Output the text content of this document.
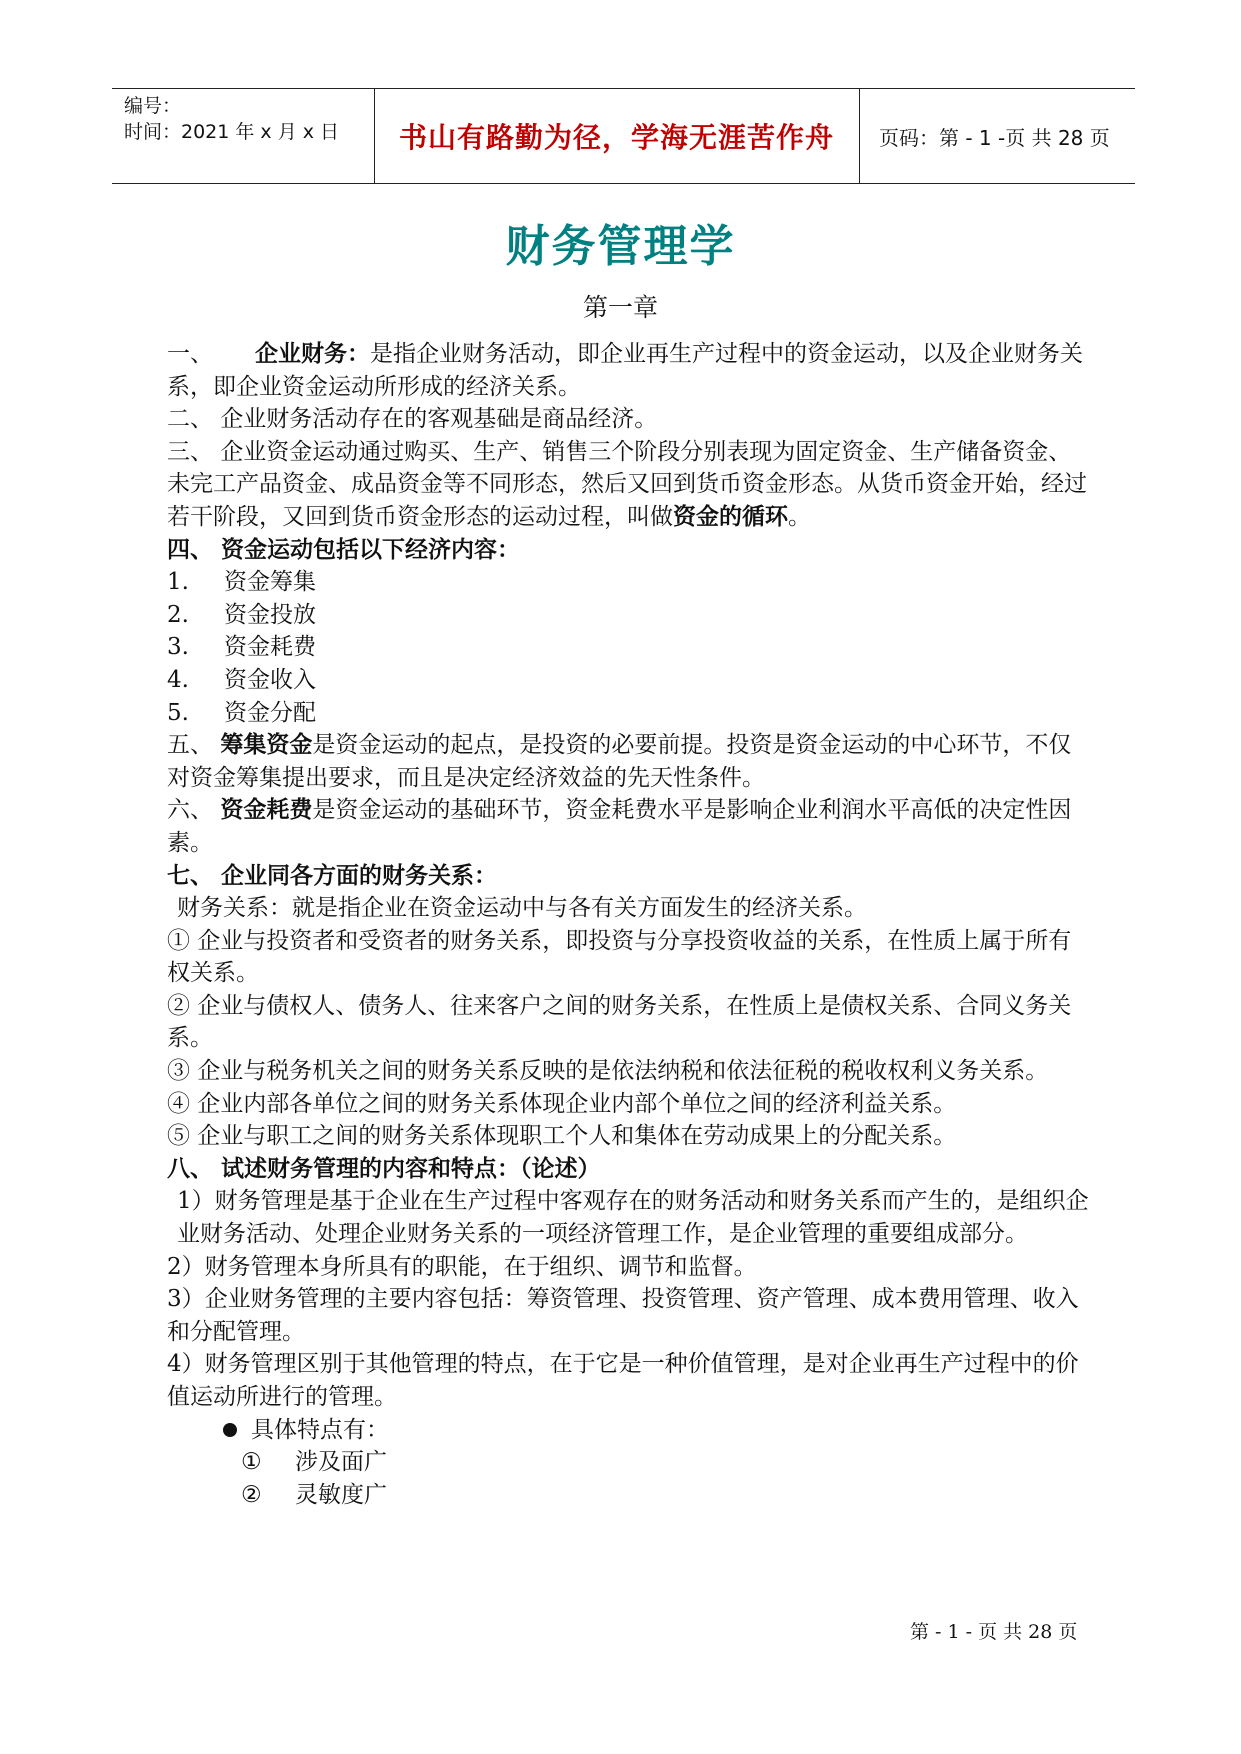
编号：
时间：2021 年 x 月 x 日	书山有路勤为径，学海无涯苦作舟	页码：第 - 1 -页 共 28 页
财务管理学
第一章

一、 企业财务：是指企业财务活动，即企业再生产过程中的资金运动，以及企业财务关系，即企业资金运动所形成的经济关系。

二、 企业财务活动存在的客观基础是商品经济。

三、 企业资金运动通过购买、生产、销售三个阶段分别表现为固定资金、生产储备资金、未完工产品资金、成品资金等不同形态，然后又回到货币资金形态。从货币资金开始，经过若干阶段，又回到货币资金形态的运动过程，叫做资金的循环。

四、 资金运动包括以下经济内容：

1.	资金筹集
2.	资金投放
3.	资金耗费
4.	资金收入
5.	资金分配

五、 筹集资金是资金运动的起点，是投资的必要前提。投资是资金运动的中心环节，不仅对资金筹集提出要求，而且是决定经济效益的先天性条件。

六、 资金耗费是资金运动的基础环节，资金耗费水平是影响企业利润水平高低的决定性因素。

七、 企业同各方面的财务关系：

财务关系：就是指企业在资金运动中与各有关方面发生的经济关系。

① 企业与投资者和受资者的财务关系，即投资与分享投资收益的关系，在性质上属于所有权关系。

② 企业与债权人、债务人、往来客户之间的财务关系，在性质上是债权关系、合同义务关系。

③ 企业与税务机关之间的财务关系反映的是依法纳税和依法征税的税收权利义务关系。

④ 企业内部各单位之间的财务关系体现企业内部个单位之间的经济利益关系。

⑤ 企业与职工之间的财务关系体现职工个人和集体在劳动成果上的分配关系。

八、 试述财务管理的内容和特点：（论述）

1）财务管理是基于企业在生产过程中客观存在的财务活动和财务关系而产生的，是组织企业财务活动、处理企业财务关系的一项经济管理工作，是企业管理的重要组成部分。

2）财务管理本身所具有的职能，在于组织、调节和监督。

3）企业财务管理的主要内容包括：筹资管理、投资管理、资产管理、成本费用管理、收入和分配管理。

4）财务管理区别于其他管理的特点，在于它是一种价值管理，是对企业再生产过程中的价值运动所进行的管理。

具体特点有：
① 涉及面广
② 灵敏度广
第 - 1 - 页 共 28 页
